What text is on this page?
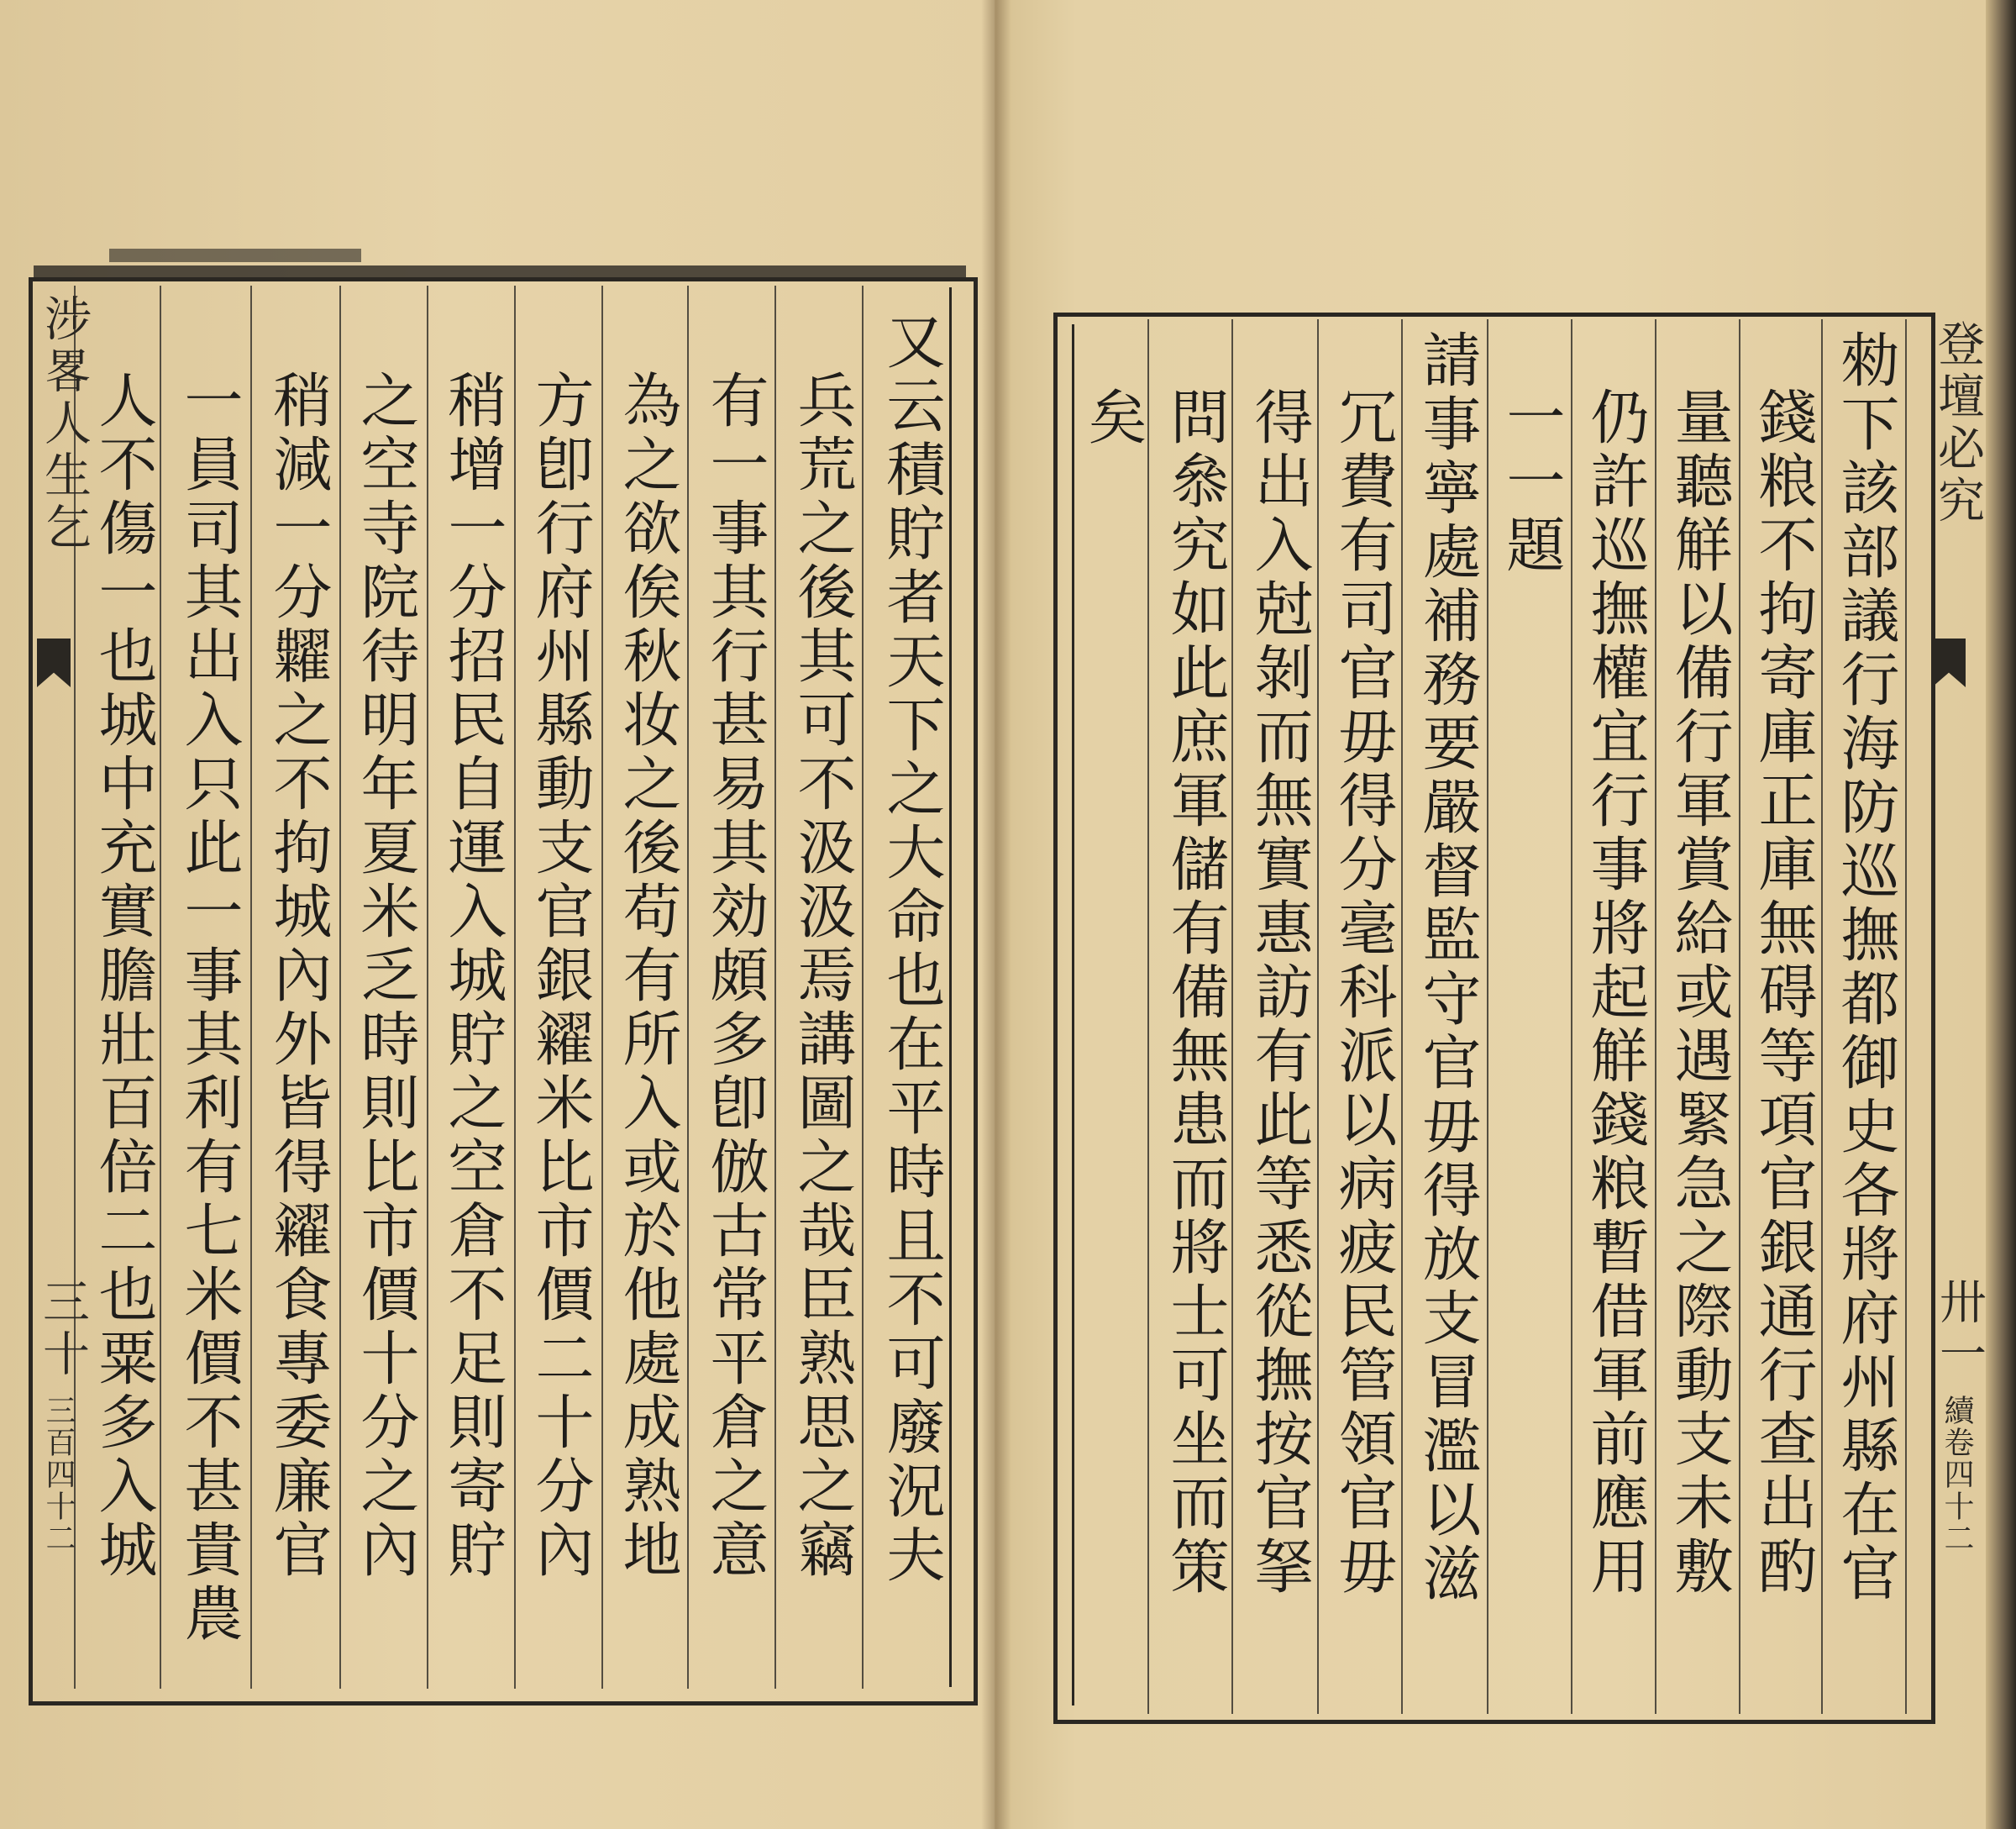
涉畧人生乞
三十
三百四十二	又云積貯者天下之大命也在平時且不可廢況夫
兵荒之後其可不汲汲焉講圖之哉臣熟思之竊
有一事其行甚易其効頗多卽倣古常平倉之意
為之欲俟秋妆之後苟有所入或於他處成熟地
方卽行府州縣動支官銀糴米比市價二十分內
稍增一分招民自運入城貯之空倉不足則寄貯
之空寺院待明年夏米乏時則比市價十分之內
稍減一分糶之不拘城內外皆得糴食專委廉官
一員司其出入只此一事其利有七米價不甚貴農
人不傷一也城中充實膽壯百倍二也粟多入城	勑下該部議行海防巡撫都御史各將府州縣在官
錢粮不拘寄庫正庫無碍等項官銀通行查出酌
量聽觧以備行軍賞給或遇緊急之際動支未敷
仍許巡撫權宜行事將起觧錢粮暫借軍前應用
一一題
請事寧處補務要嚴督監守官毋得放支冒濫以滋
冗費有司官毋得分毫科派以病疲民管領官毋
得出入尅剝而無實惠訪有此等悉從撫按官拏
問叅究如此庶軍儲有備無患而將士可坐而策
矣	登壇必究
卅一
續卷四十二
